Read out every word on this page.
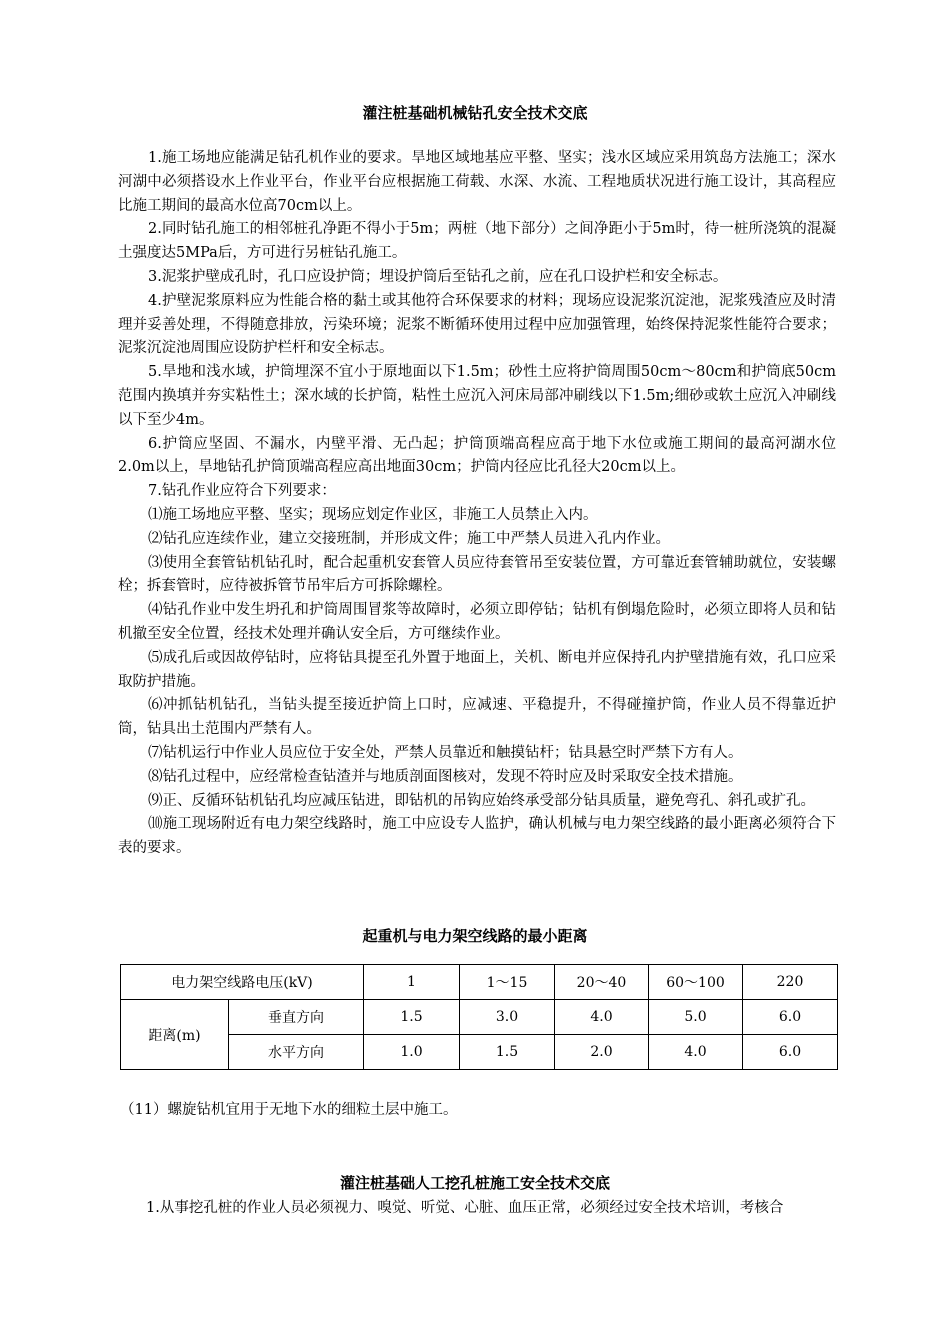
灌注桩基础机械钻孔安全技术交底

1.施工场地应能满足钻孔机作业的要求。旱地区域地基应平整、坚实；浅水区域应采用筑岛方法施工；深水河湖中必须搭设水上作业平台，作业平台应根据施工荷载、水深、水流、工程地质状况进行施工设计，其高程应比施工期间的最高水位高70cm以上。

2.同时钻孔施工的相邻桩孔净距不得小于5m；两桩（地下部分）之间净距小于5m时，待一桩所浇筑的混凝土强度达5MPa后，方可进行另桩钻孔施工。

3.泥浆护壁成孔时，孔口应设护筒；埋设护筒后至钻孔之前，应在孔口设护栏和安全标志。

4.护壁泥浆原料应为性能合格的黏土或其他符合环保要求的材料；现场应设泥浆沉淀池，泥浆残渣应及时清理并妥善处理，不得随意排放，污染环境；泥浆不断循环使用过程中应加强管理，始终保持泥浆性能符合要求；泥浆沉淀池周围应设防护栏杆和安全标志。

5.旱地和浅水域，护筒埋深不宜小于原地面以下1.5m；砂性土应将护筒周围50cm～80cm和护筒底50cm范围内换填并夯实粘性土；深水域的长护筒，粘性土应沉入河床局部冲刷线以下1.5m;细砂或软土应沉入冲刷线以下至少4m。

6.护筒应坚固、不漏水，内壁平滑、无凸起；护筒顶端高程应高于地下水位或施工期间的最高河湖水位2.0m以上，旱地钻孔护筒顶端高程应高出地面30cm；护筒内径应比孔径大20cm以上。

7.钻孔作业应符合下列要求：

⑴施工场地应平整、坚实；现场应划定作业区，非施工人员禁止入内。

⑵钻孔应连续作业，建立交接班制，并形成文件；施工中严禁人员进入孔内作业。

⑶使用全套管钻机钻孔时，配合起重机安套管人员应待套管吊至安装位置，方可靠近套管辅助就位，安装螺栓；拆套管时，应待被拆管节吊牢后方可拆除螺栓。

⑷钻孔作业中发生坍孔和护筒周围冒浆等故障时，必须立即停钻；钻机有倒塌危险时，必须立即将人员和钻机撤至安全位置，经技术处理并确认安全后，方可继续作业。

⑸成孔后或因故停钻时，应将钻具提至孔外置于地面上，关机、断电并应保持孔内护壁措施有效，孔口应采取防护措施。

⑹冲抓钻机钻孔，当钻头提至接近护筒上口时，应减速、平稳提升，不得碰撞护筒，作业人员不得靠近护筒，钻具出土范围内严禁有人。

⑺钻机运行中作业人员应位于安全处，严禁人员靠近和触摸钻杆；钻具悬空时严禁下方有人。

⑻钻孔过程中，应经常检查钻渣并与地质剖面图核对，发现不符时应及时采取安全技术措施。

⑼正、反循环钻机钻孔均应减压钻进，即钻机的吊钩应始终承受部分钻具质量，避免弯孔、斜孔或扩孔。

⑽施工现场附近有电力架空线路时，施工中应设专人监护，确认机械与电力架空线路的最小距离必须符合下表的要求。

起重机与电力架空线路的最小距离
电力架空线路电压(kV)		1	1～15	20～40	60～100	220
距离(m)	垂直方向	1.5	3.0	4.0	5.0	6.0
	水平方向	1.0	1.5	2.0	4.0	6.0

（11）螺旋钻机宜用于无地下水的细粒土层中施工。

灌注桩基础人工挖孔桩施工安全技术交底

1.从事挖孔桩的作业人员必须视力、嗅觉、听觉、心脏、血压正常，必须经过安全技术培训，考核合
